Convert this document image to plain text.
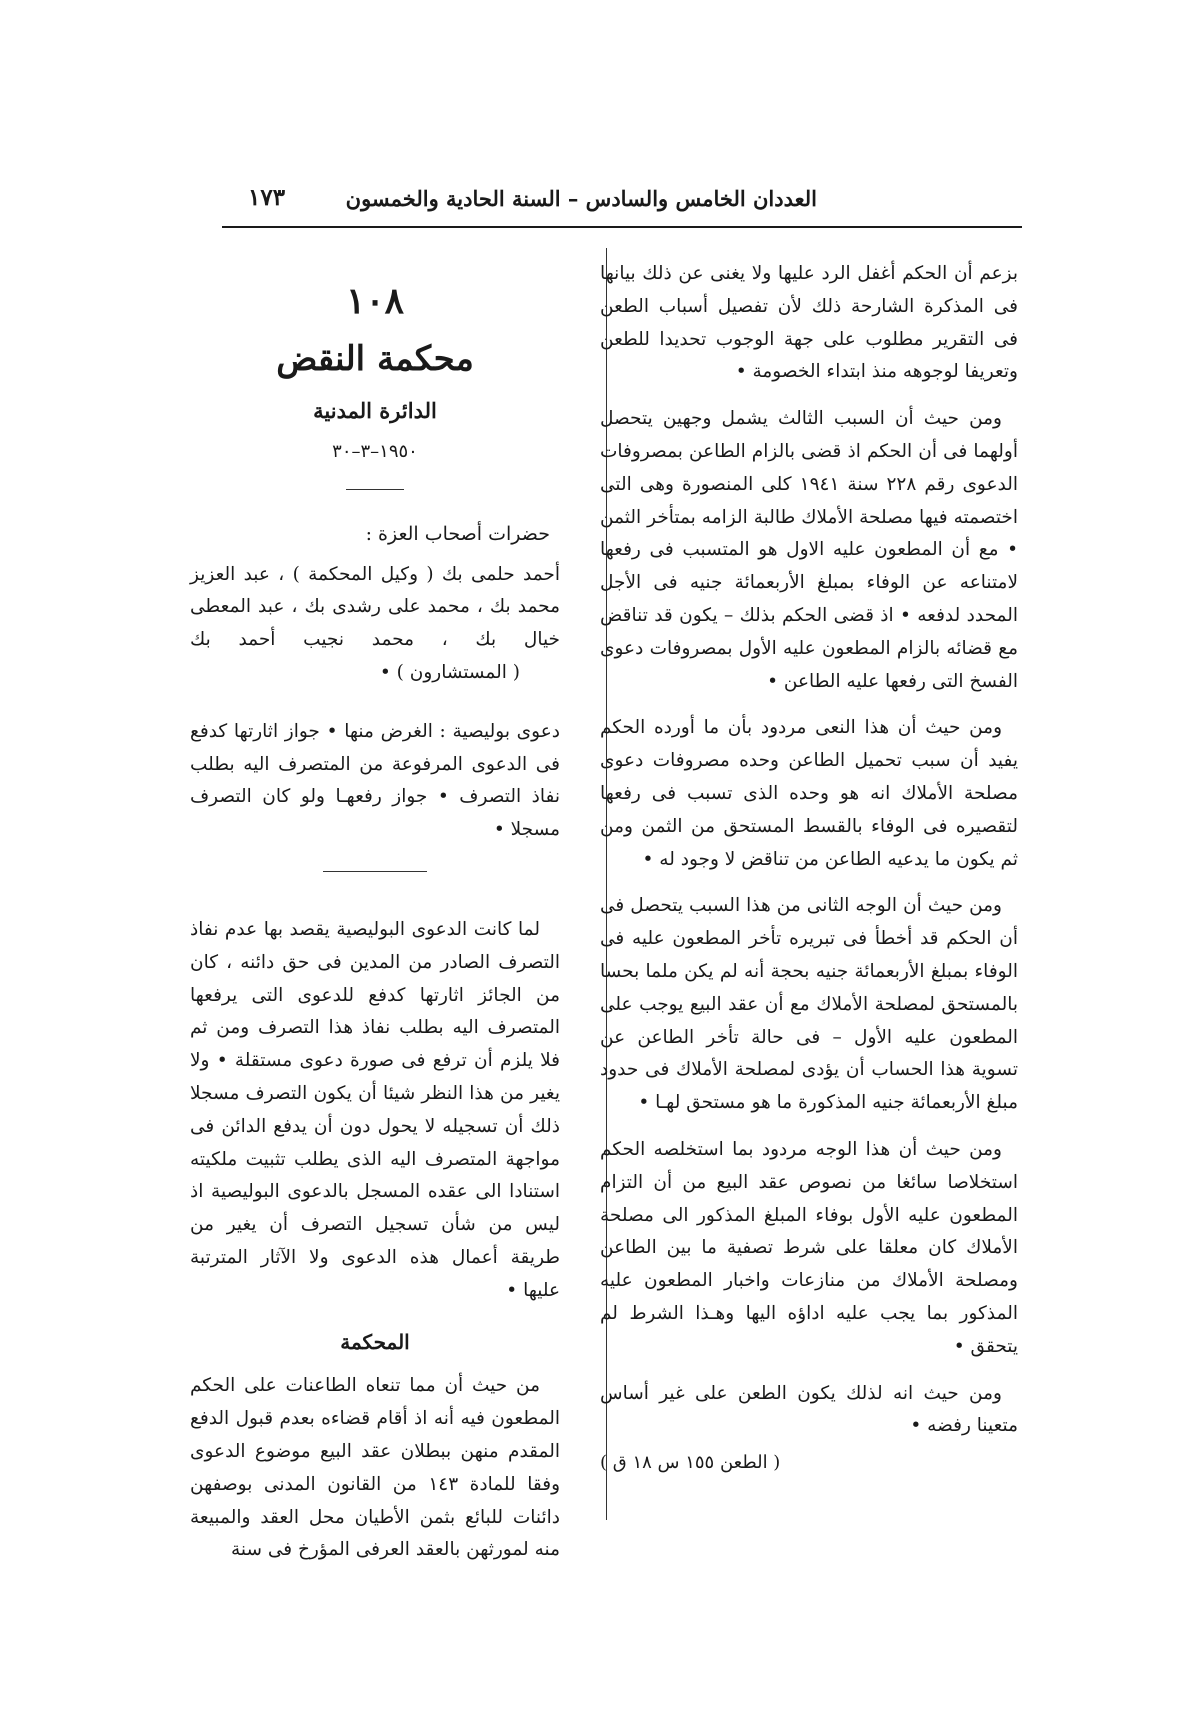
العددان الخامس والسادس – السنة الحادية والخمسون
١٧٣

بزعم أن الحكم أغفل الرد عليها ولا يغنى عن ذلك بيانها فى المذكرة الشارحة ذلك لأن تفصيل أسباب الطعن فى التقرير مطلوب على جهة الوجوب تحديدا للطعن وتعريفا لوجوهه منذ ابتداء الخصومة •

ومن حيث أن السبب الثالث يشمل وجهين يتحصل أولهما فى أن الحكم اذ قضى بالزام الطاعن بمصروفات الدعوى رقم ٢٢٨ سنة ١٩٤١ كلى المنصورة وهى التى اختصمته فيها مصلحة الأملاك طالبة الزامه بمتأخر الثمن • مع أن المطعون عليه الاول هو المتسبب فى رفعها لامتناعه عن الوفاء بمبلغ الأربعمائة جنيه فى الأجل المحدد لدفعه • اذ قضى الحكم بذلك – يكون قد تناقض مع قضائه بالزام المطعون عليه الأول بمصروفات دعوى الفسخ التى رفعها عليه الطاعن •

ومن حيث أن هذا النعى مردود بأن ما أورده الحكم يفيد أن سبب تحميل الطاعن وحده مصروفات دعوى مصلحة الأملاك انه هو وحده الذى تسبب فى رفعها لتقصيره فى الوفاء بالقسط المستحق من الثمن ومن ثم يكون ما يدعيه الطاعن من تناقض لا وجود له •

ومن حيث أن الوجه الثانى من هذا السبب يتحصل فى أن الحكم قد أخطأ فى تبريره تأخر المطعون عليه فى الوفاء بمبلغ الأربعمائة جنيه بحجة أنه لم يكن ملما بحسا بالمستحق لمصلحة الأملاك مع أن عقد البيع يوجب على المطعون عليه الأول – فى حالة تأخر الطاعن عن تسوية هذا الحساب أن يؤدى لمصلحة الأملاك فى حدود مبلغ الأربعمائة جنيه المذكورة ما هو مستحق لهـا •

ومن حيث أن هذا الوجه مردود بما استخلصه الحكم استخلاصا سائغا من نصوص عقد البيع من أن التزام المطعون عليه الأول بوفاء المبلغ المذكور الى مصلحة الأملاك كان معلقا على شرط تصفية ما بين الطاعن ومصلحة الأملاك من منازعات واخبار المطعون عليه المذكور بما يجب عليه اداؤه اليها وهـذا الشرط لم يتحقق •

ومن حيث انه لذلك يكون الطعن على غير أساس متعينا رفضه •

( الطعن ١٥٥ س ١٨ ق )
١٠٨
محكمة النقض
الدائرة المدنية
١٩٥٠–٣–٣٠

حضرات أصحاب العزة :

أحمد حلمى بك ( وكيل المحكمة ) ، عبد العزيز محمد بك ، محمد على رشدى بك ، عبد المعطى خيال بك ، محمد نجيب أحمد بك ( المستشارون ) •

دعوى بوليصية : الغرض منها • جواز اثارتها كدفع فى الدعوى المرفوعة من المتصرف اليه بطلب نفاذ التصرف • جواز رفعهـا ولو كان التصرف مسجلا •

لما كانت الدعوى البوليصية يقصد بها عدم نفاذ التصرف الصادر من المدين فى حق دائنه ، كان من الجائز اثارتها كدفع للدعوى التى يرفعها المتصرف اليه بطلب نفاذ هذا التصرف ومن ثم فلا يلزم أن ترفع فى صورة دعوى مستقلة • ولا يغير من هذا النظر شيئا أن يكون التصرف مسجلا ذلك أن تسجيله لا يحول دون أن يدفع الدائن فى مواجهة المتصرف اليه الذى يطلب تثبيت ملكيته استنادا الى عقده المسجل بالدعوى البوليصية اذ ليس من شأن تسجيل التصرف أن يغير من طريقة أعمال هذه الدعوى ولا الآثار المترتبة عليها •

المحكمة

من حيث أن مما تنعاه الطاعنات على الحكم المطعون فيه أنه اذ أقام قضاءه بعدم قبول الدفع المقدم منهن ببطلان عقد البيع موضوع الدعوى وفقا للمادة ١٤٣ من القانون المدنى بوصفهن دائنات للبائع بثمن الأطيان محل العقد والمبيعة منه لمورثهن بالعقد العرفى المؤرخ فى سنة
